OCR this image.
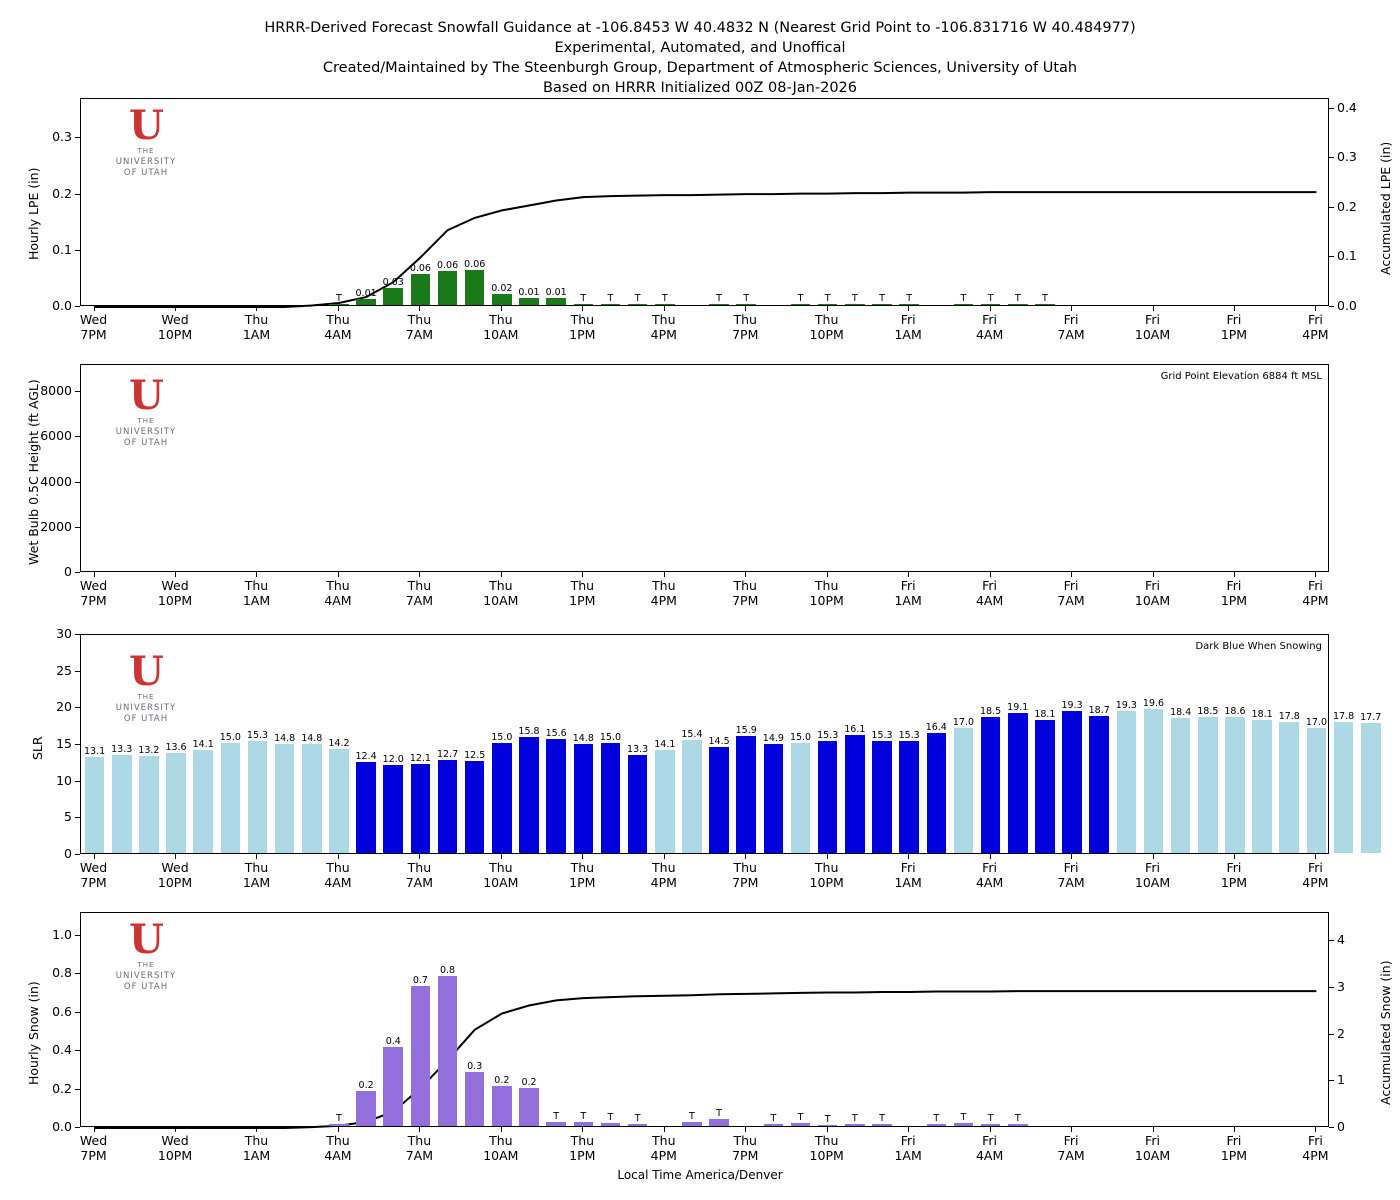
HRRR-Derived Forecast Snowfall Guidance at -106.8453 W 40.4832 N (Nearest Grid Point to -106.831716 W 40.484977)
Experimental, Automated, and Unoffical
Created/Maintained by The Steenburgh Group, Department of Atmospheric Sciences, University of Utah
Based on HRRR Initialized 00Z 08-Jan-2026
T	0.01
0.03
0.06 0.06 0.06
0.02 0.01 0.01
T	T	T	T	T	T	T	T	T	T	T	T	T	T	T
Hourly LPE (in)	Accumulated LPE (in)
Grid Point Elevation 6884 ft MSL
Wet Bulb 0.5C Height (ft AGL)
13.1 13.3 13.2 13.6 14.1
15.0 15.3 14.8 14.8 14.2
12.4 12.0 12.1 12.7 12.5
15.0
15.8 15.6
14.8 15.0
13.3
14.1
15.4
14.5
15.9
14.9 15.0 15.3
16.1
15.3 15.3
16.4 17.0
18.5 19.1
18.1
19.3 18.7 19.3 19.6
18.4 18.5 18.6 18.1 17.8
17.0
17.8 17.7
Dark Blue When Snowing
SLR
T
0.2
0.4
0.7
0.8
0.3
0.2	0.2
T	T	T	T	T	T	T	T	T	T	T	T	T	T	T
Hourly Snow (in)	Accumulated Snow (in)
Local Time America/Denver
0.0
0.1
0.2
0.3
0.0
0.1
0.2
0.3
0.4
Wed
7PM
Wed
10PM
Thu
1AM
Thu
4AM
Thu
7AM
Thu
10AM
Thu
1PM
Thu
4PM
Thu
7PM
Thu
10PM
Fri
1AM
Fri
4AM
Fri
7AM
Fri
10AM
Fri
1PM
Fri
4PM
U
THE
UNIVERSITY
OF UTAH
0
2000
4000
6000
8000
Wed
7PM
Wed
10PM
Thu
1AM
Thu
4AM
Thu
7AM
Thu
10AM
Thu
1PM
Thu
4PM
Thu
7PM
Thu
10PM
Fri
1AM
Fri
4AM
Fri
7AM
Fri
10AM
Fri
1PM
Fri
4PM
U
THE
UNIVERSITY
OF UTAH
0
5
10
15
20
25
30
Wed
7PM
Wed
10PM
Thu
1AM
Thu
4AM
Thu
7AM
Thu
10AM
Thu
1PM
Thu
4PM
Thu
7PM
Thu
10PM
Fri
1AM
Fri
4AM
Fri
7AM
Fri
10AM
Fri
1PM
Fri
4PM
U
THE
UNIVERSITY
OF UTAH
0.0
0.2
0.4
0.6
0.8
1.0
0
1
2
3
4
Wed
7PM
Wed
10PM
Thu
1AM
Thu
4AM
Thu
7AM
Thu
10AM
Thu
1PM
Thu
4PM
Thu
7PM
Thu
10PM
Fri
1AM
Fri
4AM
Fri
7AM
Fri
10AM
Fri
1PM
Fri
4PM
U
THE
UNIVERSITY
OF UTAH
